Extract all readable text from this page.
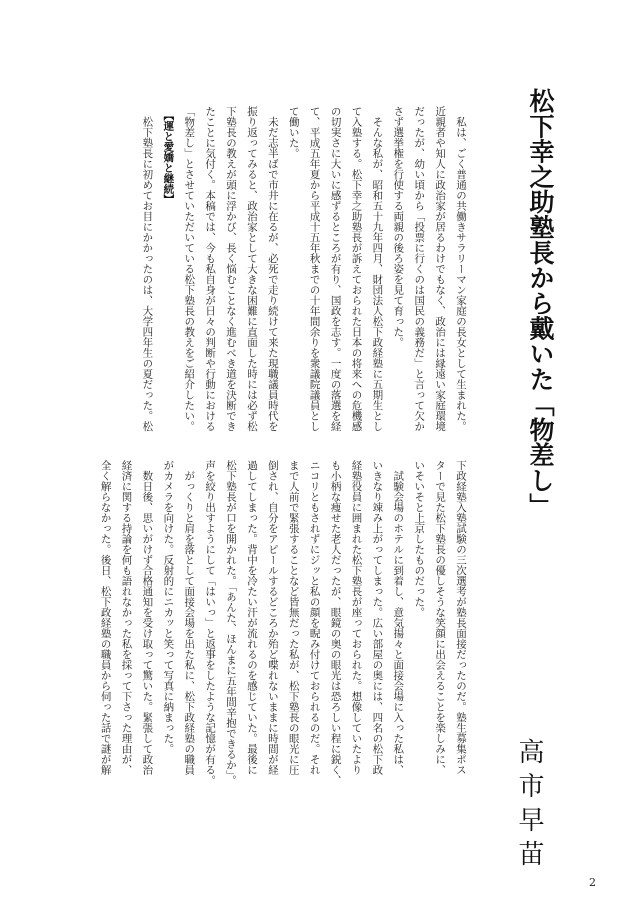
松下幸之助塾長から戴いた「物差し」
高市早苗
　私は、ごく普通の共働きサラリーマン家庭の長女として生まれた。
近親者や知人に政治家が居るわけでもなく、政治には縁遠い家庭環境
だったが、幼い頃から「投票に行くのは国民の義務だ」と言って欠か
さず選挙権を行使する両親の後ろ姿を見て育った。
　そんな私が、昭和五十九年四月、財団法人松下政経塾に五期生とし
て入塾する。松下幸之助塾長が訴えておられた日本の将来への危機感
の切実さに大いに感ずるところが有り、国政を志す。一度の落選を経
て、平成五年夏から平成十五年秋までの十年間余りを衆議院議員とし
て働いた。
　未だ志半ばで市井に在るが、必死で走り続けて来た現職議員時代を
振り返ってみると、政治家として大きな困難に直面した時には必ず松
下塾長の教えが頭に浮かび、長く悩むことなく進むべき道を決断でき
たことに気付く。本稿では、今も私自身が日々の判断や行動における
「物差し」とさせていただいている松下塾長の教えをご紹介したい。
【運と愛嬌と継続】
　松下塾長に初めてお目にかかったのは、大学四年生の夏だった。松
下政経塾入塾試験の三次選考が塾長面接だったのだ。塾生募集ポス
ターで見た松下塾長の優しそうな笑顔に出会えることを楽しみに、
いそいそと上京したものだった。
　試験会場のホテルに到着し、意気揚々と面接会場に入った私は、
いきなり竦み上がってしまった。広い部屋の奥には、四名の松下政
経塾役員に囲まれた松下塾長が座っておられた。想像していたより
も小柄な痩せた老人だったが、眼鏡の奥の眼光は恐ろしい程に鋭く、
ニコリともされずにジッと私の顔を睨み付けておられるのだ。それ
まで人前で緊張することなど皆無だった私が、松下塾長の眼光に圧
倒され、自分をアピールするどころか殆ど喋れないままに時間が経
過してしまった。背中を冷たい汗が流れるのを感じていた。最後に
松下塾長が口を開かれた。「あんた、ほんまに五年間辛抱できるか」。
声を絞り出すようにして「はいっ」と返事をしたような記憶が有る。
　がっくりと肩を落として面接会場を出た私に、松下政経塾の職員
がカメラを向けた。反射的にニカッと笑って写真に納まった。
　数日後、思いがけず合格通知を受け取って驚いた。緊張して政治
経済に関する持論を何も語れなかった私を採って下さった理由が、
全く解らなかった。後日、松下政経塾の職員から伺った話で謎が解
2
